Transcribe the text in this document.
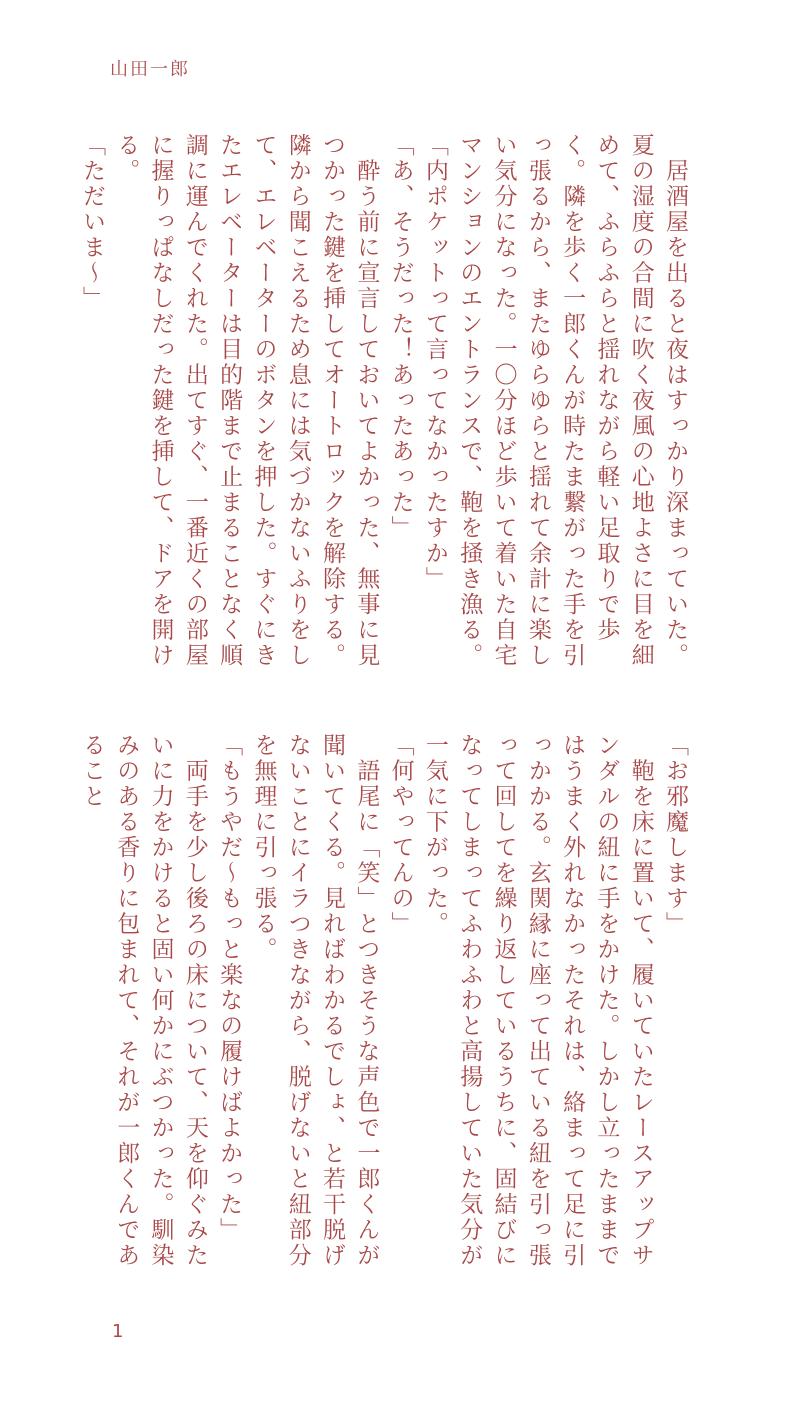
山田一郎

　居酒屋を出ると夜はすっかり深まっていた。夏の湿度の合間に吹く夜風の心地よさに目を細めて、ふらふらと揺れながら軽い足取りで歩く。隣を歩く一郎くんが時たま繋がった手を引っ張るから、またゆらゆらと揺れて余計に楽しい気分になった。一〇分ほど歩いて着いた自宅マンションのエントランスで、鞄を掻き漁る。

「内ポケットって言ってなかったすか」

「あ、そうだった！あったあった」

　酔う前に宣言しておいてよかった、無事に見つかった鍵を挿してオートロックを解除する。隣から聞こえるため息には気づかないふりをして、エレベーターのボタンを押した。すぐにきたエレベーターは目的階まで止まることなく順調に運んでくれた。出てすぐ、一番近くの部屋に握りっぱなしだった鍵を挿して、ドアを開ける。

「ただいま〜」

「お邪魔します」

　鞄を床に置いて、履いていたレースアップサンダルの紐に手をかけた。しかし立ったままではうまく外れなかったそれは、絡まって足に引っかかる。玄関縁に座って出ている紐を引っ張って回してを繰り返しているうちに、固結びになってしまってふわふわと高揚していた気分が一気に下がった。

「何やってんの」

　語尾に「笑」とつきそうな声色で一郎くんが聞いてくる。見ればわかるでしょ、と若干脱げないことにイラつきながら、脱げないと紐部分を無理に引っ張る。

「もうやだ〜もっと楽なの履けばよかった」

　両手を少し後ろの床について、天を仰ぐみたいに力をかけると固い何かにぶつかった。馴染みのある香りに包まれて、それが一郎くんであること

1
